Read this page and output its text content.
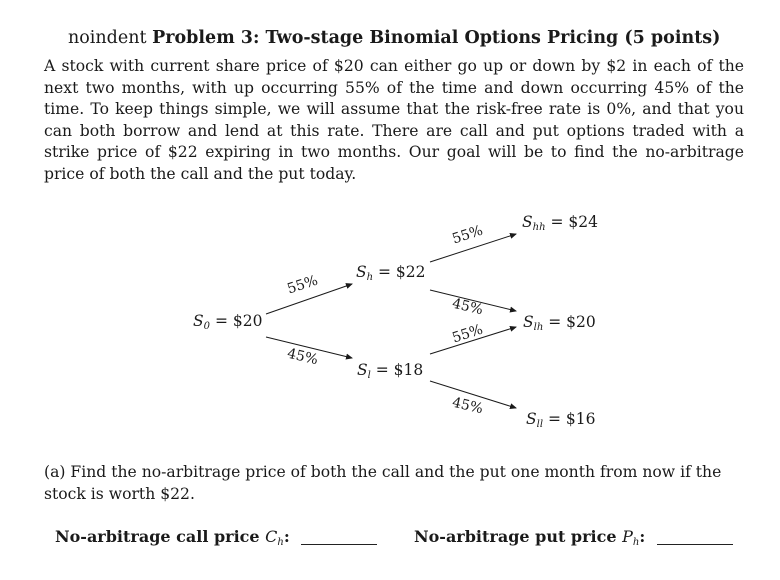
noindent Problem 3: Two-stage Binomial Options Pricing (5 points)
A stock with current share price of $20 can either go up or down by $2 in each of the next two months, with up occurring 55% of the time and down occurring 45% of the time. To keep things simple, we will assume that the risk-free rate is 0%, and that you can both borrow and lend at this rate. There are call and put options traded with a strike price of $22 expiring in two months. Our goal will be to find the no-arbitrage price of both the call and the put today.
$S_0$ = $20
$S_h$ = $22
$S_l$ = $18
$S_{hh}$ = $24
$S_{lh}$ = $20
$S_{ll}$ = $16
55%
45%
55%
45%
55%
45%
(a) Find the no-arbitrage price of both the call and the put one month from now if the stock is worth $22.
No-arbitrage call price $C_h$:	No-arbitrage put price $P_h$:
